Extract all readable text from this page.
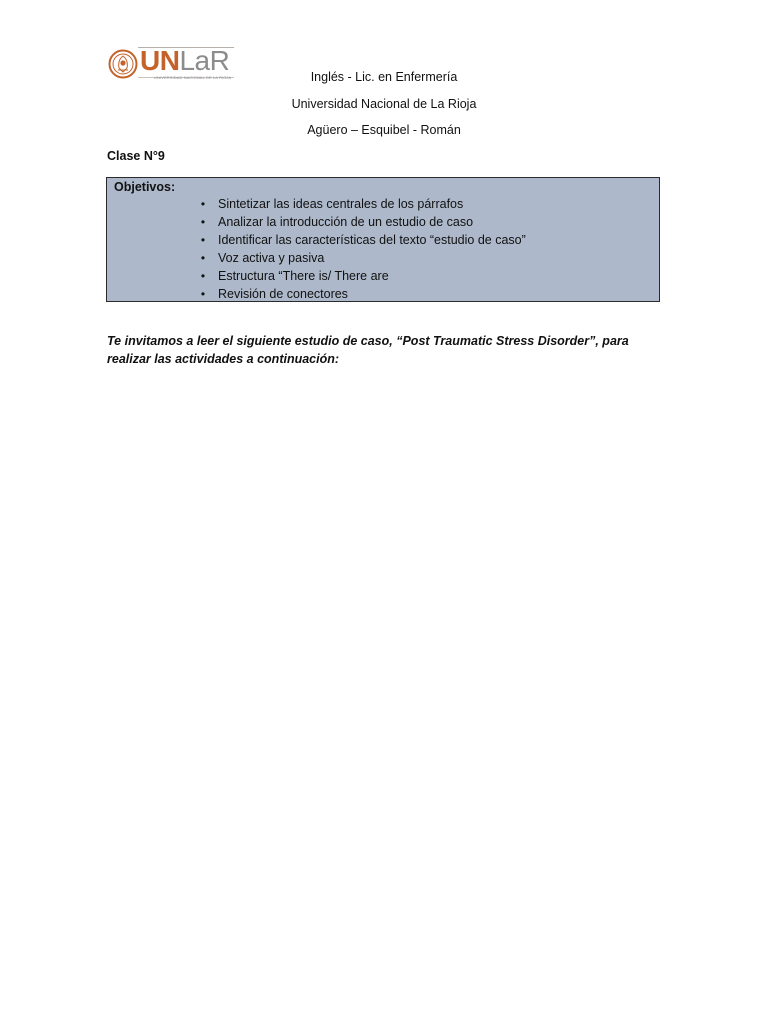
UNLaR
UNIVERSIDAD NACIONAL DE LA RIOJA	Inglés - Lic. en Enfermería
Universidad Nacional de La Rioja
Agüero – Esquibel - Román
Clase N°9
Objetivos:
• Sintetizar las ideas centrales de los párrafos
• Analizar la introducción de un estudio de caso
• Identificar las características del texto “estudio de caso”
• Voz activa y pasiva
• Estructura “There is/ There are
• Revisión de conectores
Te invitamos a leer el siguiente estudio de caso, “Post Traumatic Stress Disorder”, para realizar las actividades a continuación:
